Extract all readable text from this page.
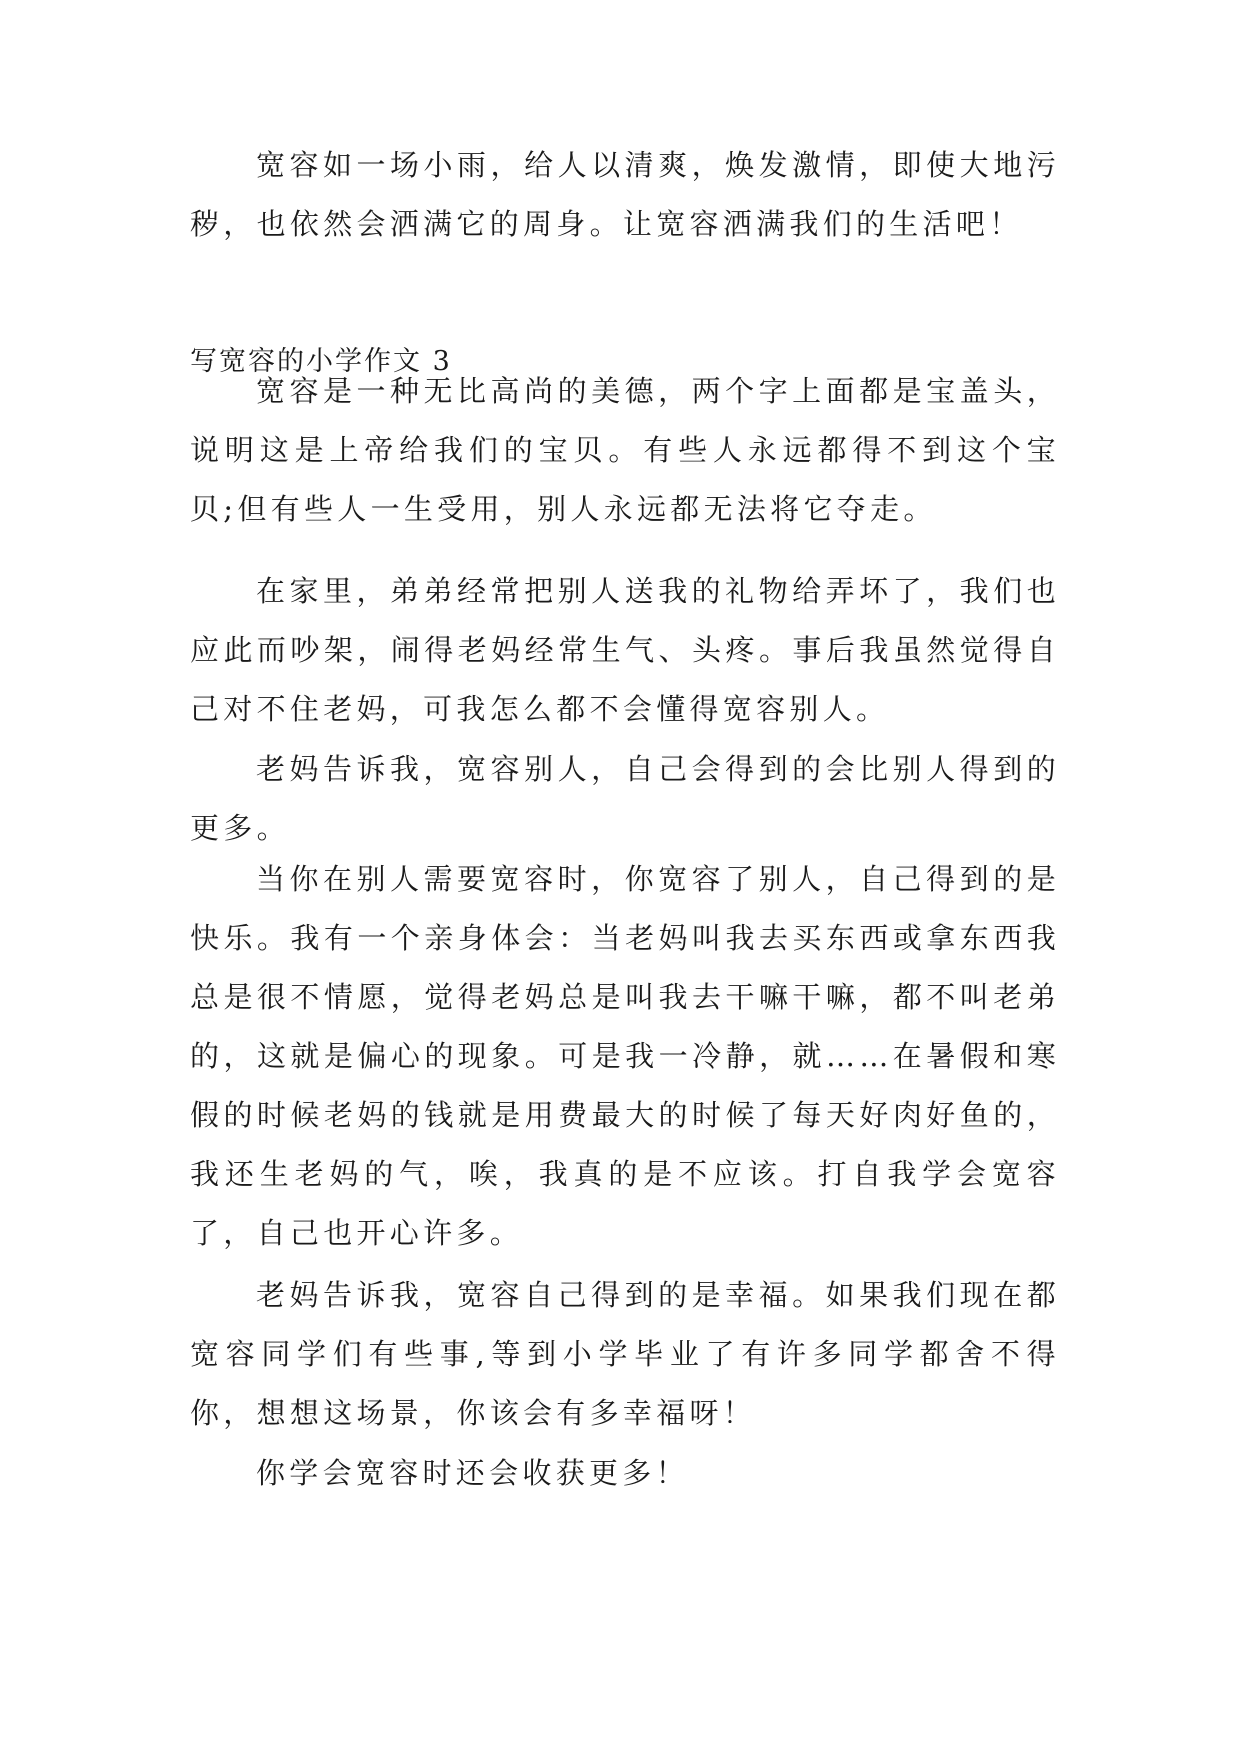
宽容如一场小雨，给人以清爽，焕发激情，即使大地污秽，也依然会洒满它的周身。让宽容洒满我们的生活吧！

写宽容的小学作文 3

宽容是一种无比高尚的美德，两个字上面都是宝盖头，说明这是上帝给我们的宝贝。有些人永远都得不到这个宝贝;但有些人一生受用，别人永远都无法将它夺走。

在家里，弟弟经常把别人送我的礼物给弄坏了，我们也应此而吵架，闹得老妈经常生气、头疼。事后我虽然觉得自己对不住老妈，可我怎么都不会懂得宽容别人。

老妈告诉我，宽容别人，自己会得到的会比别人得到的更多。

当你在别人需要宽容时，你宽容了别人，自己得到的是快乐。我有一个亲身体会：当老妈叫我去买东西或拿东西我总是很不情愿，觉得老妈总是叫我去干嘛干嘛，都不叫老弟的，这就是偏心的现象。可是我一冷静，就……在暑假和寒假的时候老妈的钱就是用费最大的时候了每天好肉好鱼的，我还生老妈的气，唉，我真的是不应该。打自我学会宽容了，自己也开心许多。

老妈告诉我，宽容自己得到的是幸福。如果我们现在都宽容同学们有些事,等到小学毕业了有许多同学都舍不得你，想想这场景，你该会有多幸福呀！

你学会宽容时还会收获更多！
